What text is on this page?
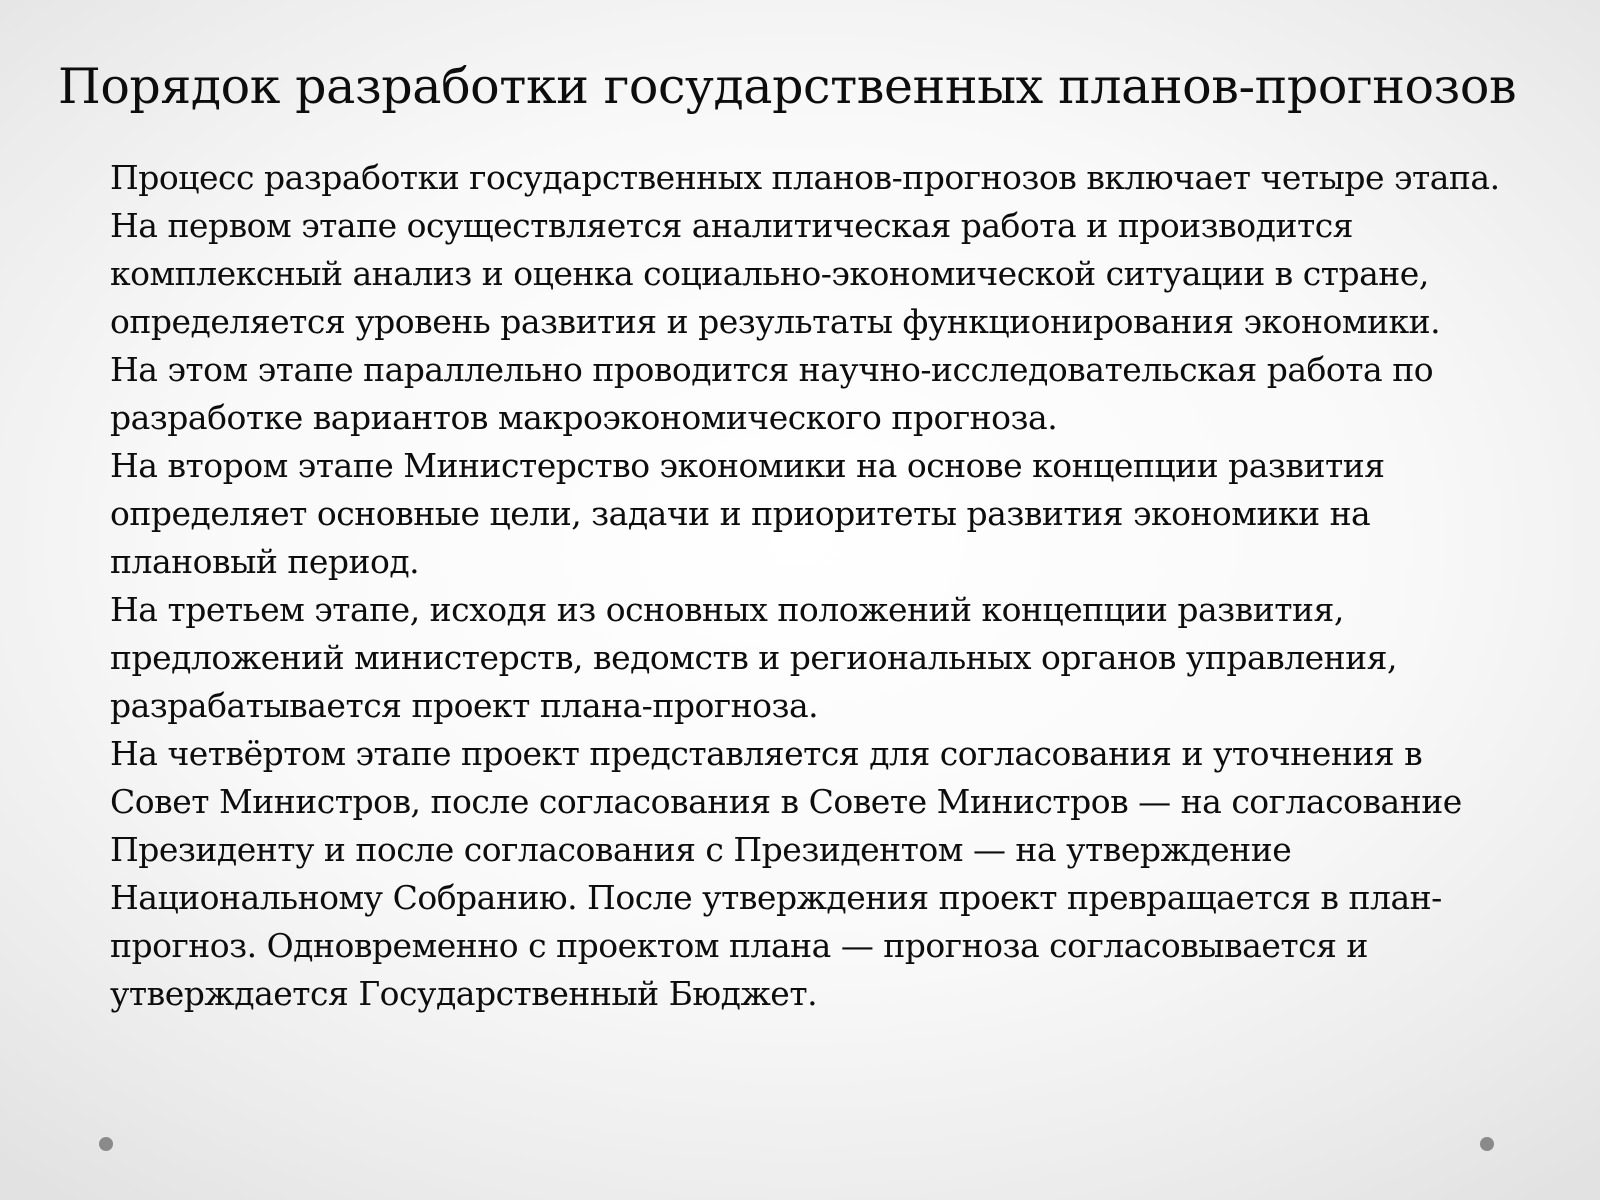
Порядок разработки государственных планов-прогнозов

Процесс разработки государственных планов-прогнозов включает четыре этапа. На первом этапе осуществляется аналитическая работа и производится комплексный анализ и оценка социально-экономической ситуации в стране, определяется уровень развития и результаты функционирования экономики.

На этом этапе параллельно проводится научно-исследовательская работа по разработке вариантов макроэкономического прогноза.

На втором этапе Министерство экономики на основе концепции развития определяет основные цели, задачи и приоритеты развития экономики на плановый период.

На третьем этапе, исходя из основных положений концепции развития, предложений министерств, ведомств и региональных органов управления, разрабатывается проект плана-прогноза.

На четвёртом этапе проект представляется для согласования и уточнения в Совет Министров, после согласования в Совете Министров — на согласование Президенту и после согласования с Президентом — на утверждение Национальному Собранию. После утверждения проект превращается в план-прогноз. Одновременно с проектом плана — прогноза согласовывается и утверждается Государственный Бюджет.
